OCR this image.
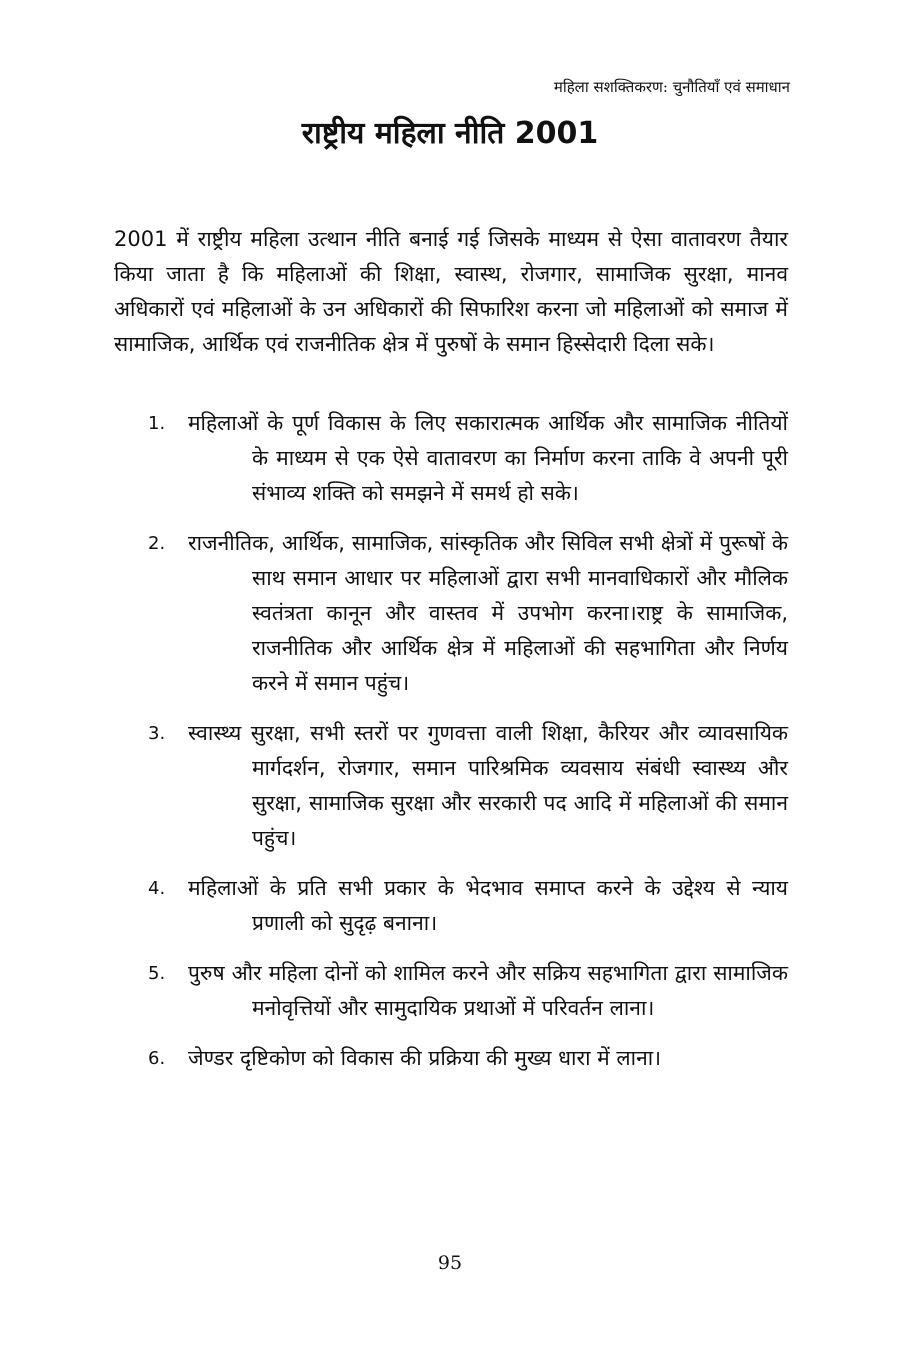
महिला सशक्तिकरण: चुनौतियाँ एवं समाधान
राष्ट्रीय महिला नीति 2001

2001 में राष्ट्रीय महिला उत्थान नीति बनाई गई जिसके माध्यम से ऐसा वातावरण तैयार किया जाता है कि महिलाओं की शिक्षा, स्वास्थ, रोजगार, सामाजिक सुरक्षा, मानव अधिकारों एवं महिलाओं के उन अधिकारों की सिफारिश करना जो महिलाओं को समाज में सामाजिक, आर्थिक एवं राजनीतिक क्षेत्र में पुरुषों के समान हिस्सेदारी दिला सके।

1.	महिलाओं के पूर्ण विकास के लिए सकारात्मक आर्थिक और सामाजिक नीतियों के माध्यम से एक ऐसे वातावरण का निर्माण करना ताकि वे अपनी पूरी संभाव्य शक्ति को समझने में समर्थ हो सके।
2.	राजनीतिक, आर्थिक, सामाजिक, सांस्कृतिक और सिविल सभी क्षेत्रों में पुरूषों के साथ समान आधार पर महिलाओं द्वारा सभी मानवाधिकारों और मौलिक स्वतंत्रता कानून और वास्तव में उपभोग करना।राष्ट्र के सामाजिक, राजनीतिक और आर्थिक क्षेत्र में महिलाओं की सहभागिता और निर्णय करने में समान पहुंच।
3.	स्वास्थ्य सुरक्षा, सभी स्तरों पर गुणवत्ता वाली शिक्षा, कैरियर और व्यावसायिक मार्गदर्शन, रोजगार, समान पारिश्रमिक व्यवसाय संबंधी स्वास्थ्य और सुरक्षा, सामाजिक सुरक्षा और सरकारी पद आदि में महिलाओं की समान पहुंच।
4.	महिलाओं के प्रति सभी प्रकार के भेदभाव समाप्त करने के उद्देश्य से न्याय प्रणाली को सुदृढ़ बनाना।
5.	पुरुष और महिला दोनों को शामिल करने और सक्रिय सहभागिता द्वारा सामाजिक मनोवृत्तियों और सामुदायिक प्रथाओं में परिवर्तन लाना।
6.	जेण्डर दृष्टिकोण को विकास की प्रक्रिया की मुख्य धारा में लाना।
95
